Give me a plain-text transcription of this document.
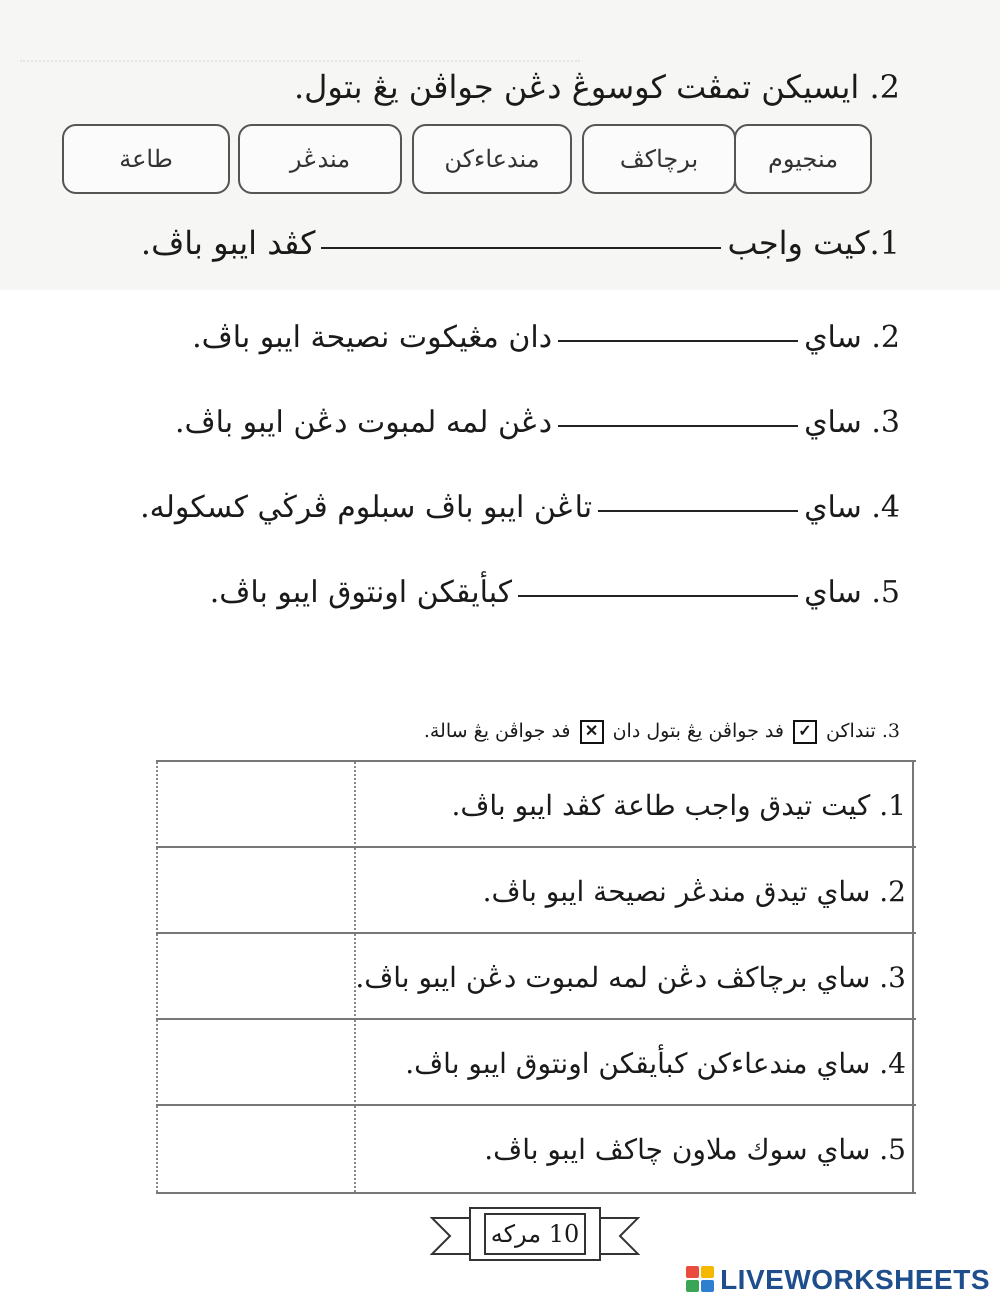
2. ايسيكن تمڤت كوسوڠ دڠن جواڤن يڠ بتول.
منجيوم
برچاكڤ
مندعاءكن
مندڠر
طاعة
1.كيت واجبكڤد ايبو باڤ.
2. سايدان مڠيكوت نصيحة ايبو باڤ.
3. سايدڠن لمه لمبوت دڠن ايبو باڤ.
4. سايتاڠن ايبو باڤ سبلوم ڤرڬي كسكوله.
5. سايكبأيقكن اونتوق ايبو باڤ.
3. تنداكن ✓ فد جواڤن يڠ بتول دان ✕ فد جواڤن يڠ سالة.
1. كيت تيدق واجب طاعة كڤد ايبو باڤ.
2. ساي تيدق مندڠر نصيحة ايبو باڤ.
3. ساي برچاكڤ دڠن لمه لمبوت دڠن ايبو باڤ.
4. ساي مندعاءكن كبأيقكن اونتوق ايبو باڤ.
5. ساي سوك ملاون چاكڤ ايبو باڤ.
10 مركه
LIVEWORKSHEETS
